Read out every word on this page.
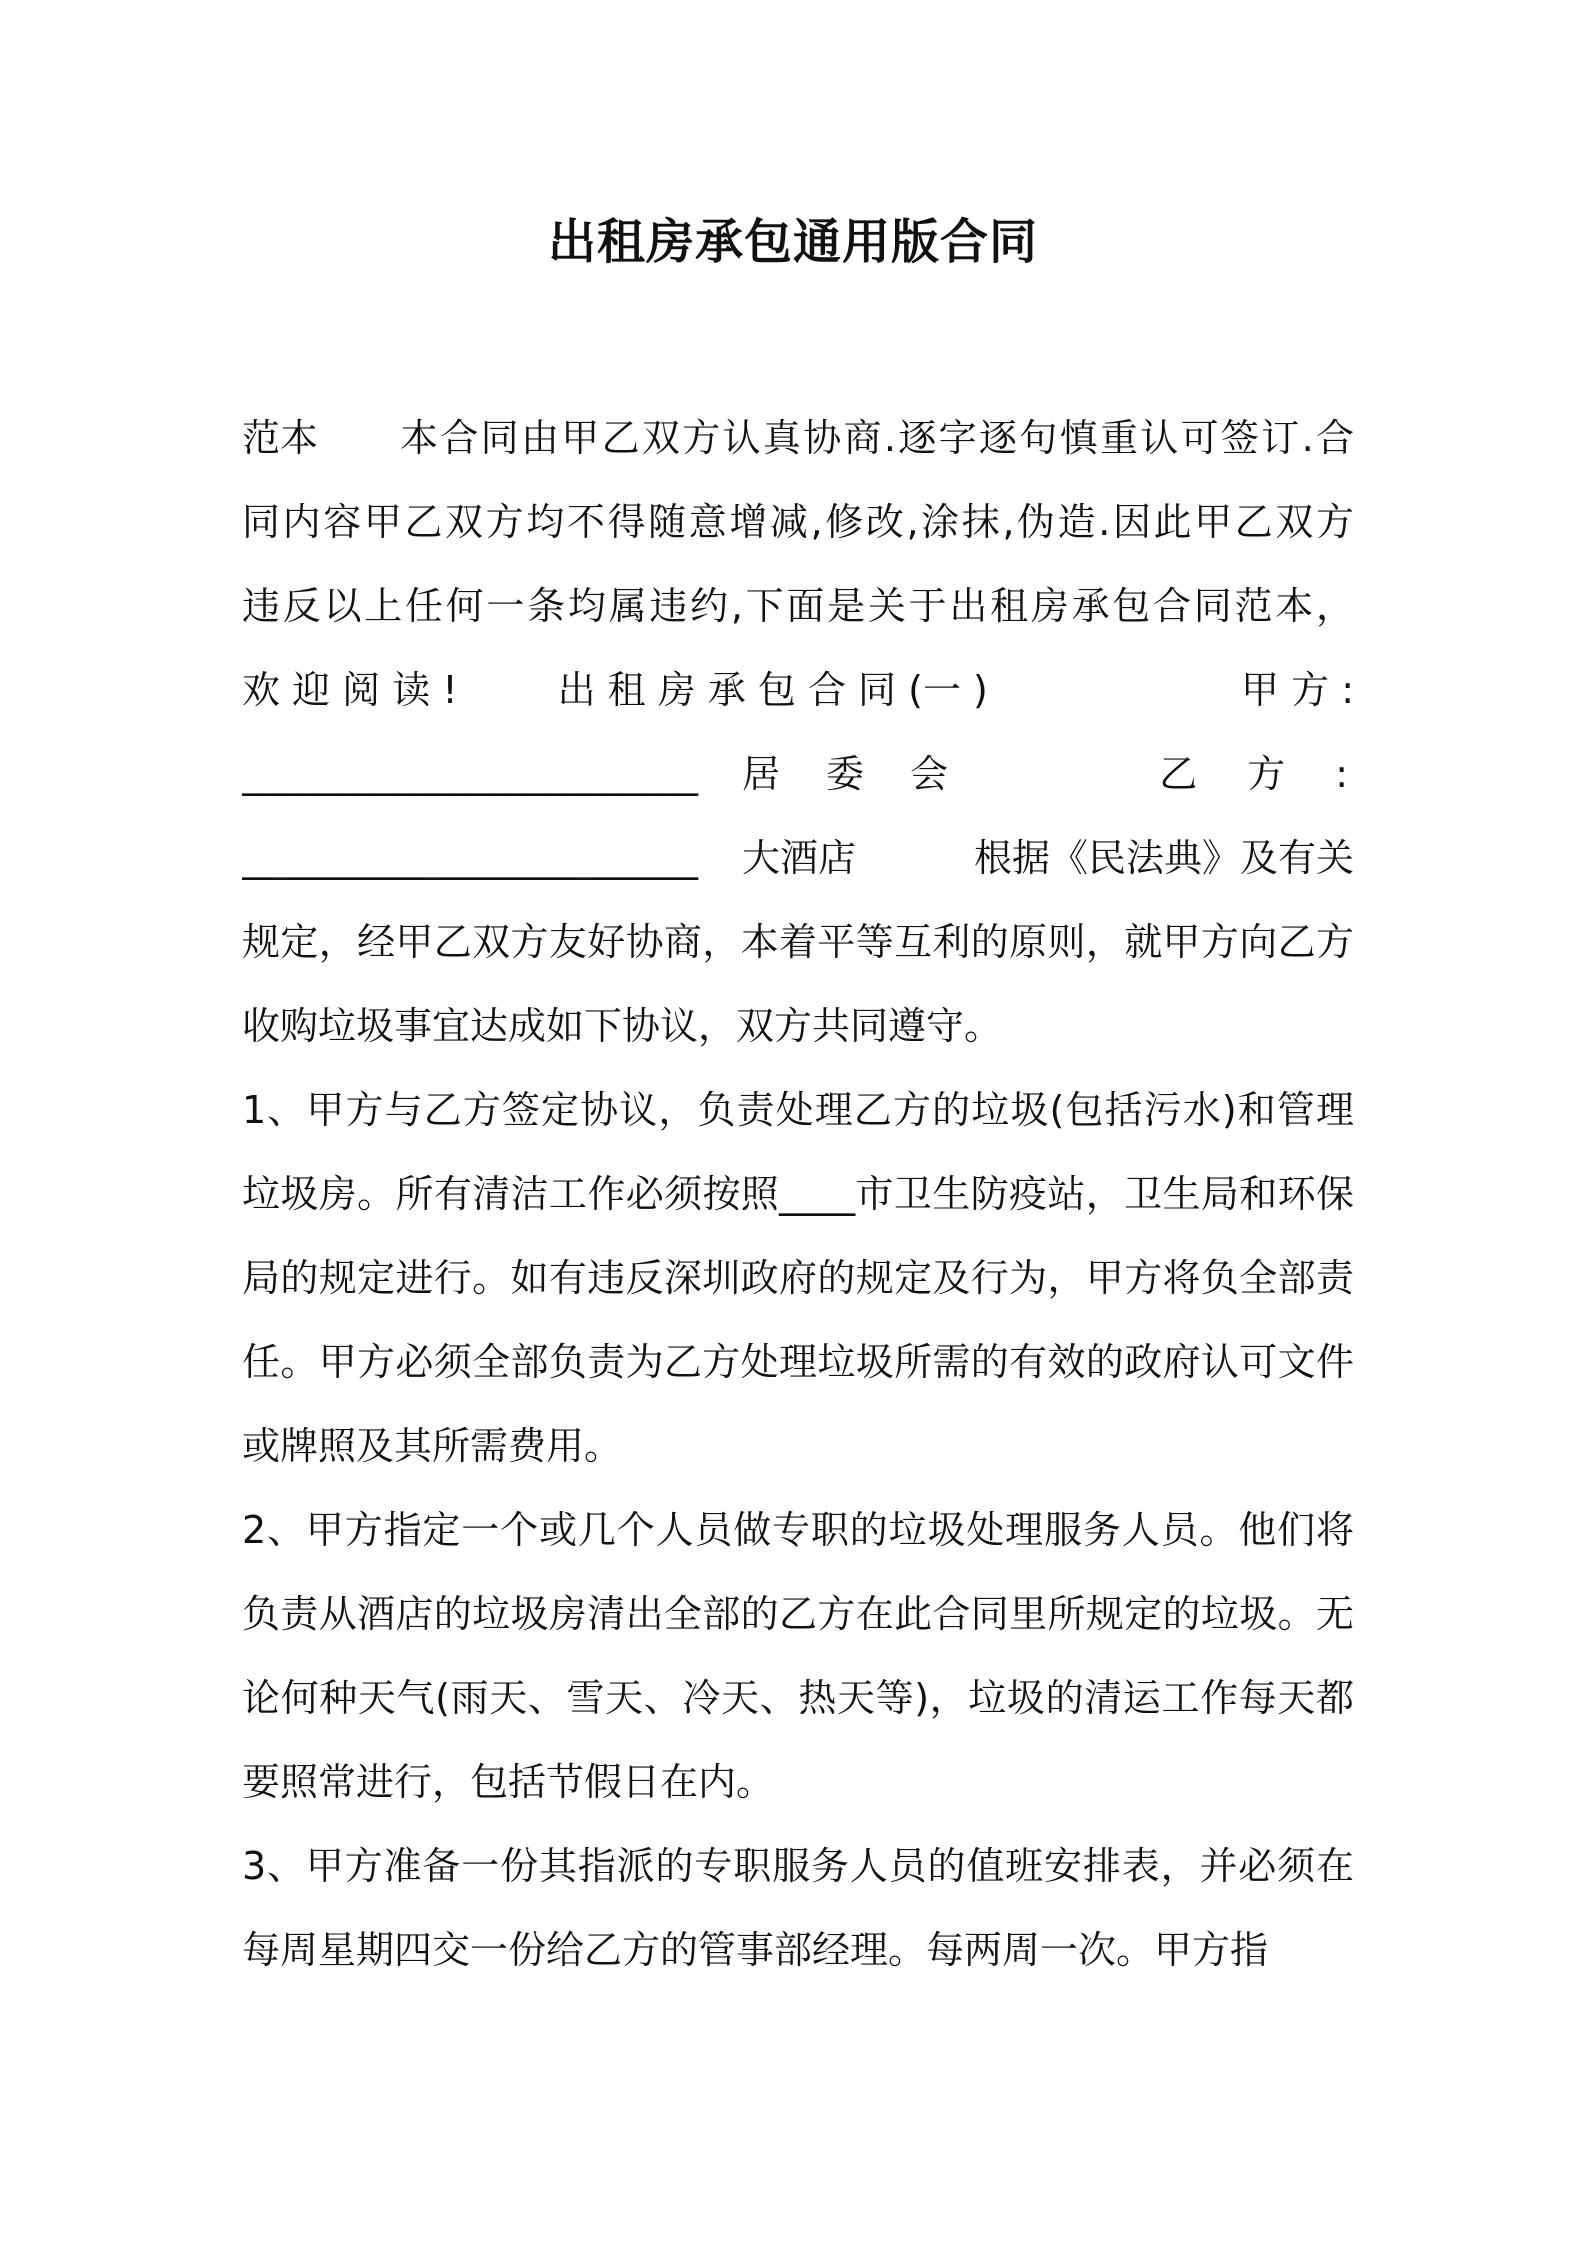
出租房承包通用版合同
范本	本合同由甲乙双方认真协商.逐字逐句慎重认可签订.合
同内容甲乙双方均不得随意增减,修改,涂抹,伪造.因此甲乙双方
违反以上任何一条均属违约,下面是关于出租房承包合同范本，
欢 迎 阅 读 !	出 租 房 承 包 合 同 (一 )	甲 方 :
________________________	居　委　会	乙　方　:
________________________	大酒店	根据《民法典》及有关
规定，经甲乙双方友好协商，本着平等互利的原则，就甲方向乙方收购垃圾事宜达成如下协议，双方共同遵守。
1、甲方与乙方签定协议，负责处理乙方的垃圾(包括污水)和管理垃圾房。所有清洁工作必须按照____市卫生防疫站，卫生局和环保局的规定进行。如有违反深圳政府的规定及行为，甲方将负全部责任。甲方必须全部负责为乙方处理垃圾所需的有效的政府认可文件或牌照及其所需费用。
2、甲方指定一个或几个人员做专职的垃圾处理服务人员。他们将负责从酒店的垃圾房清出全部的乙方在此合同里所规定的垃圾。无论何种天气(雨天、雪天、冷天、热天等)，垃圾的清运工作每天都要照常进行，包括节假日在内。
3、甲方准备一份其指派的专职服务人员的值班安排表，并必须在每周星期四交一份给乙方的管事部经理。每两周一次。甲方指
